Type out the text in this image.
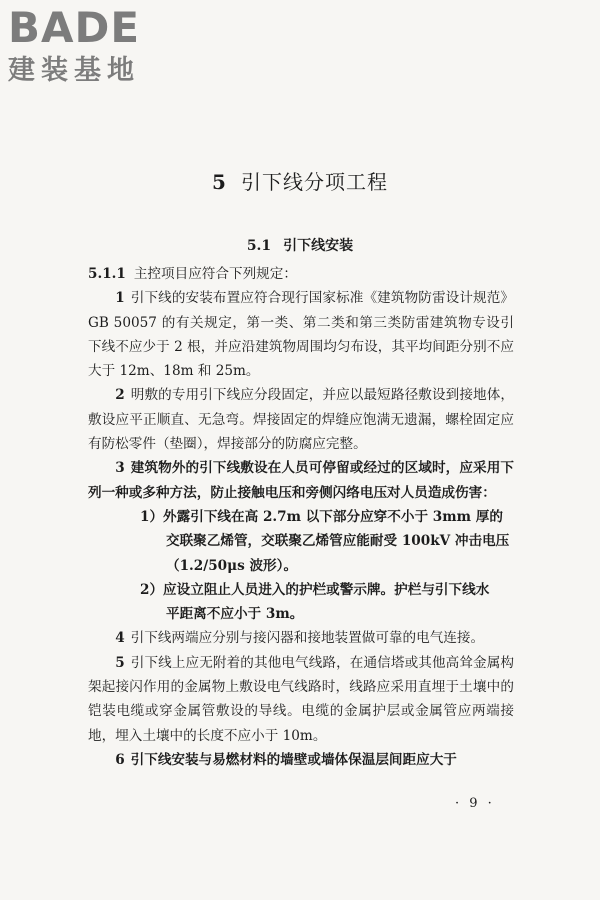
BADE
建装基地
5 引下线分项工程
5.1 引下线安装

5.1.1 主控项目应符合下列规定：

1 引下线的安装布置应符合现行国家标准《建筑物防雷设计规范》GB 50057 的有关规定，第一类、第二类和第三类防雷建筑物专设引下线不应少于 2 根，并应沿建筑物周围均匀布设，其平均间距分别不应大于 12m、18m 和 25m。

2 明敷的专用引下线应分段固定，并应以最短路径敷设到接地体，敷设应平正顺直、无急弯。焊接固定的焊缝应饱满无遗漏，螺栓固定应有防松零件（垫圈），焊接部分的防腐应完整。

3 建筑物外的引下线敷设在人员可停留或经过的区域时，应采用下列一种或多种方法，防止接触电压和旁侧闪络电压对人员造成伤害：

1）外露引下线在高 2.7m 以下部分应穿不小于 3mm 厚的
交联聚乙烯管，交联聚乙烯管应能耐受 100kV 冲击电压
（1.2/50μs 波形）。
2）应设立阻止人员进入的护栏或警示牌。护栏与引下线水
平距离不应小于 3m。

4 引下线两端应分别与接闪器和接地装置做可靠的电气连接。

5 引下线上应无附着的其他电气线路，在通信塔或其他高耸金属构架起接闪作用的金属物上敷设电气线路时，线路应采用直埋于土壤中的铠装电缆或穿金属管敷设的导线。电缆的金属护层或金属管应两端接地，埋入土壤中的长度不应小于 10m。

6 引下线安装与易燃材料的墙壁或墙体保温层间距应大于

· 9 ·
